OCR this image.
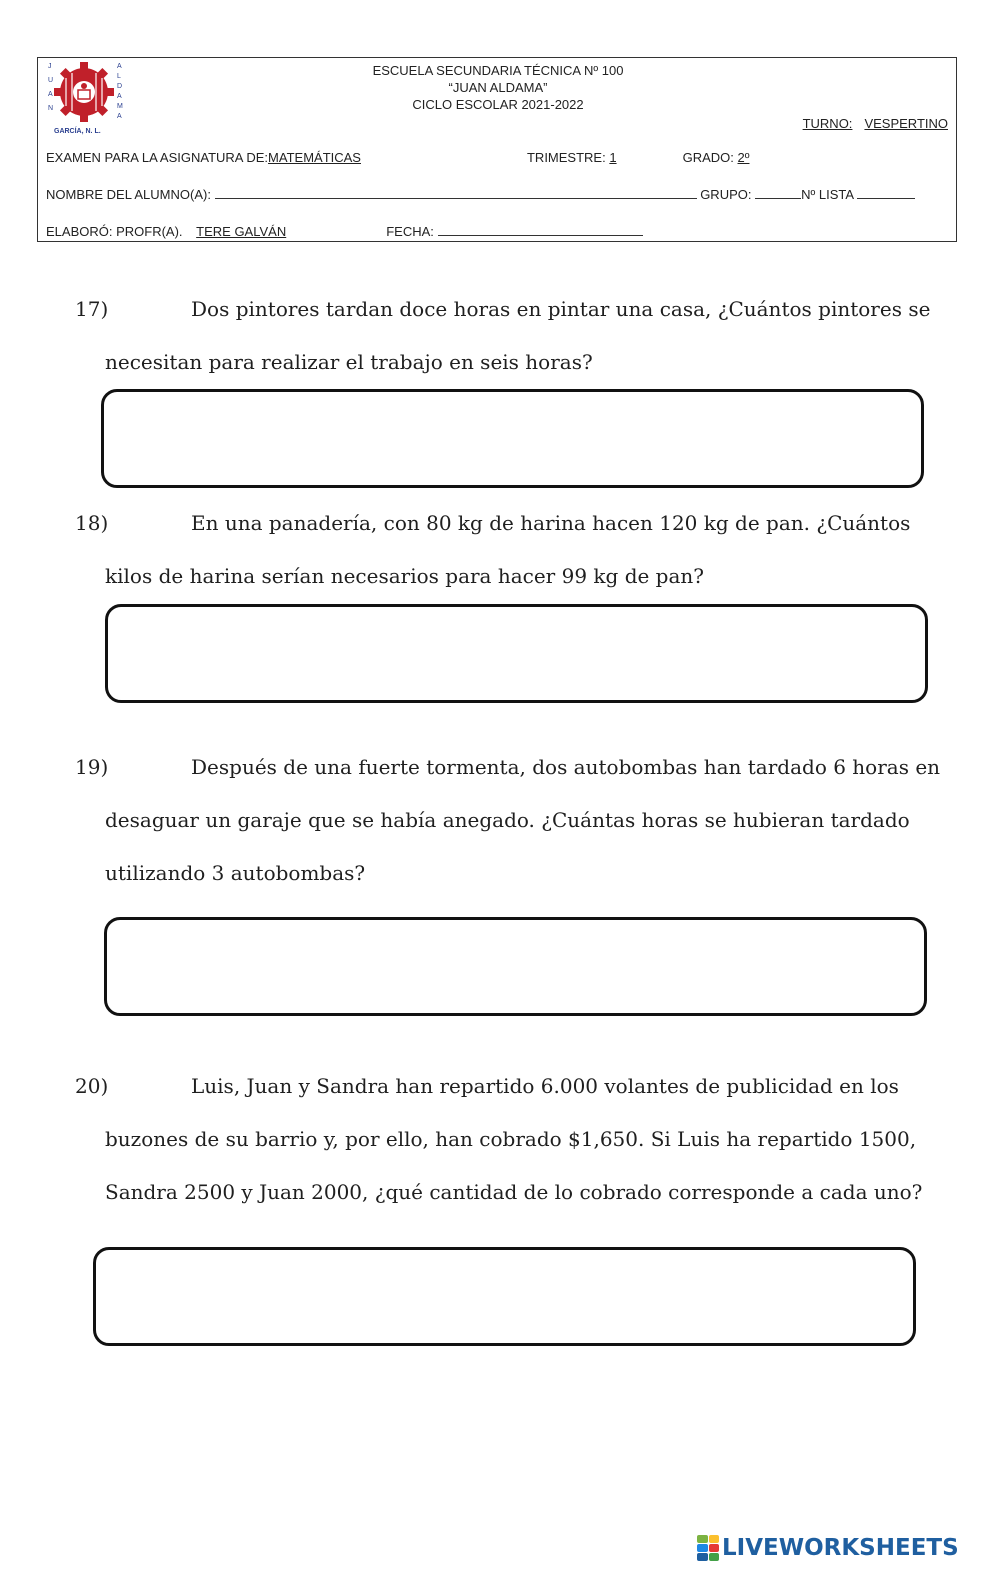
J
U
A
N
A
L
D
A
M
A
GARCÍA, N. L.
ESCUELA SECUNDARIA TÉCNICA Nº 100
“JUAN ALDAMA”
CICLO ESCOLAR 2021-2022
TURNO: VESPERTINO
EXAMEN PARA LA ASIGNATURA DE:MATEMÁTICAS	TRIMESTRE: 1	GRADO: 2º
NOMBRE DEL ALUMNO(A):	GRUPO:	Nº LISTA
ELABORÓ: PROFR(A). TERE GALVÁN	FECHA:
17)	Dos pintores tardan doce horas en pintar una casa, ¿Cuántos pintores se necesitan para realizar el trabajo en seis horas?

18)	En una panadería, con 80 kg de harina hacen 120 kg de pan. ¿Cuántos kilos de harina serían necesarios para hacer 99 kg de pan?

19)	Después de una fuerte tormenta, dos autobombas han tardado 6 horas en desaguar un garaje que se había anegado. ¿Cuántas horas se hubieran tardado utilizando 3 autobombas?

20)	Luis, Juan y Sandra han repartido 6.000 volantes de publicidad en los buzones de su barrio y, por ello, han cobrado $1,650. Si Luis ha repartido 1500, Sandra 2500 y Juan 2000, ¿qué cantidad de lo cobrado corresponde a cada uno?

LIVEWORKSHEETS
